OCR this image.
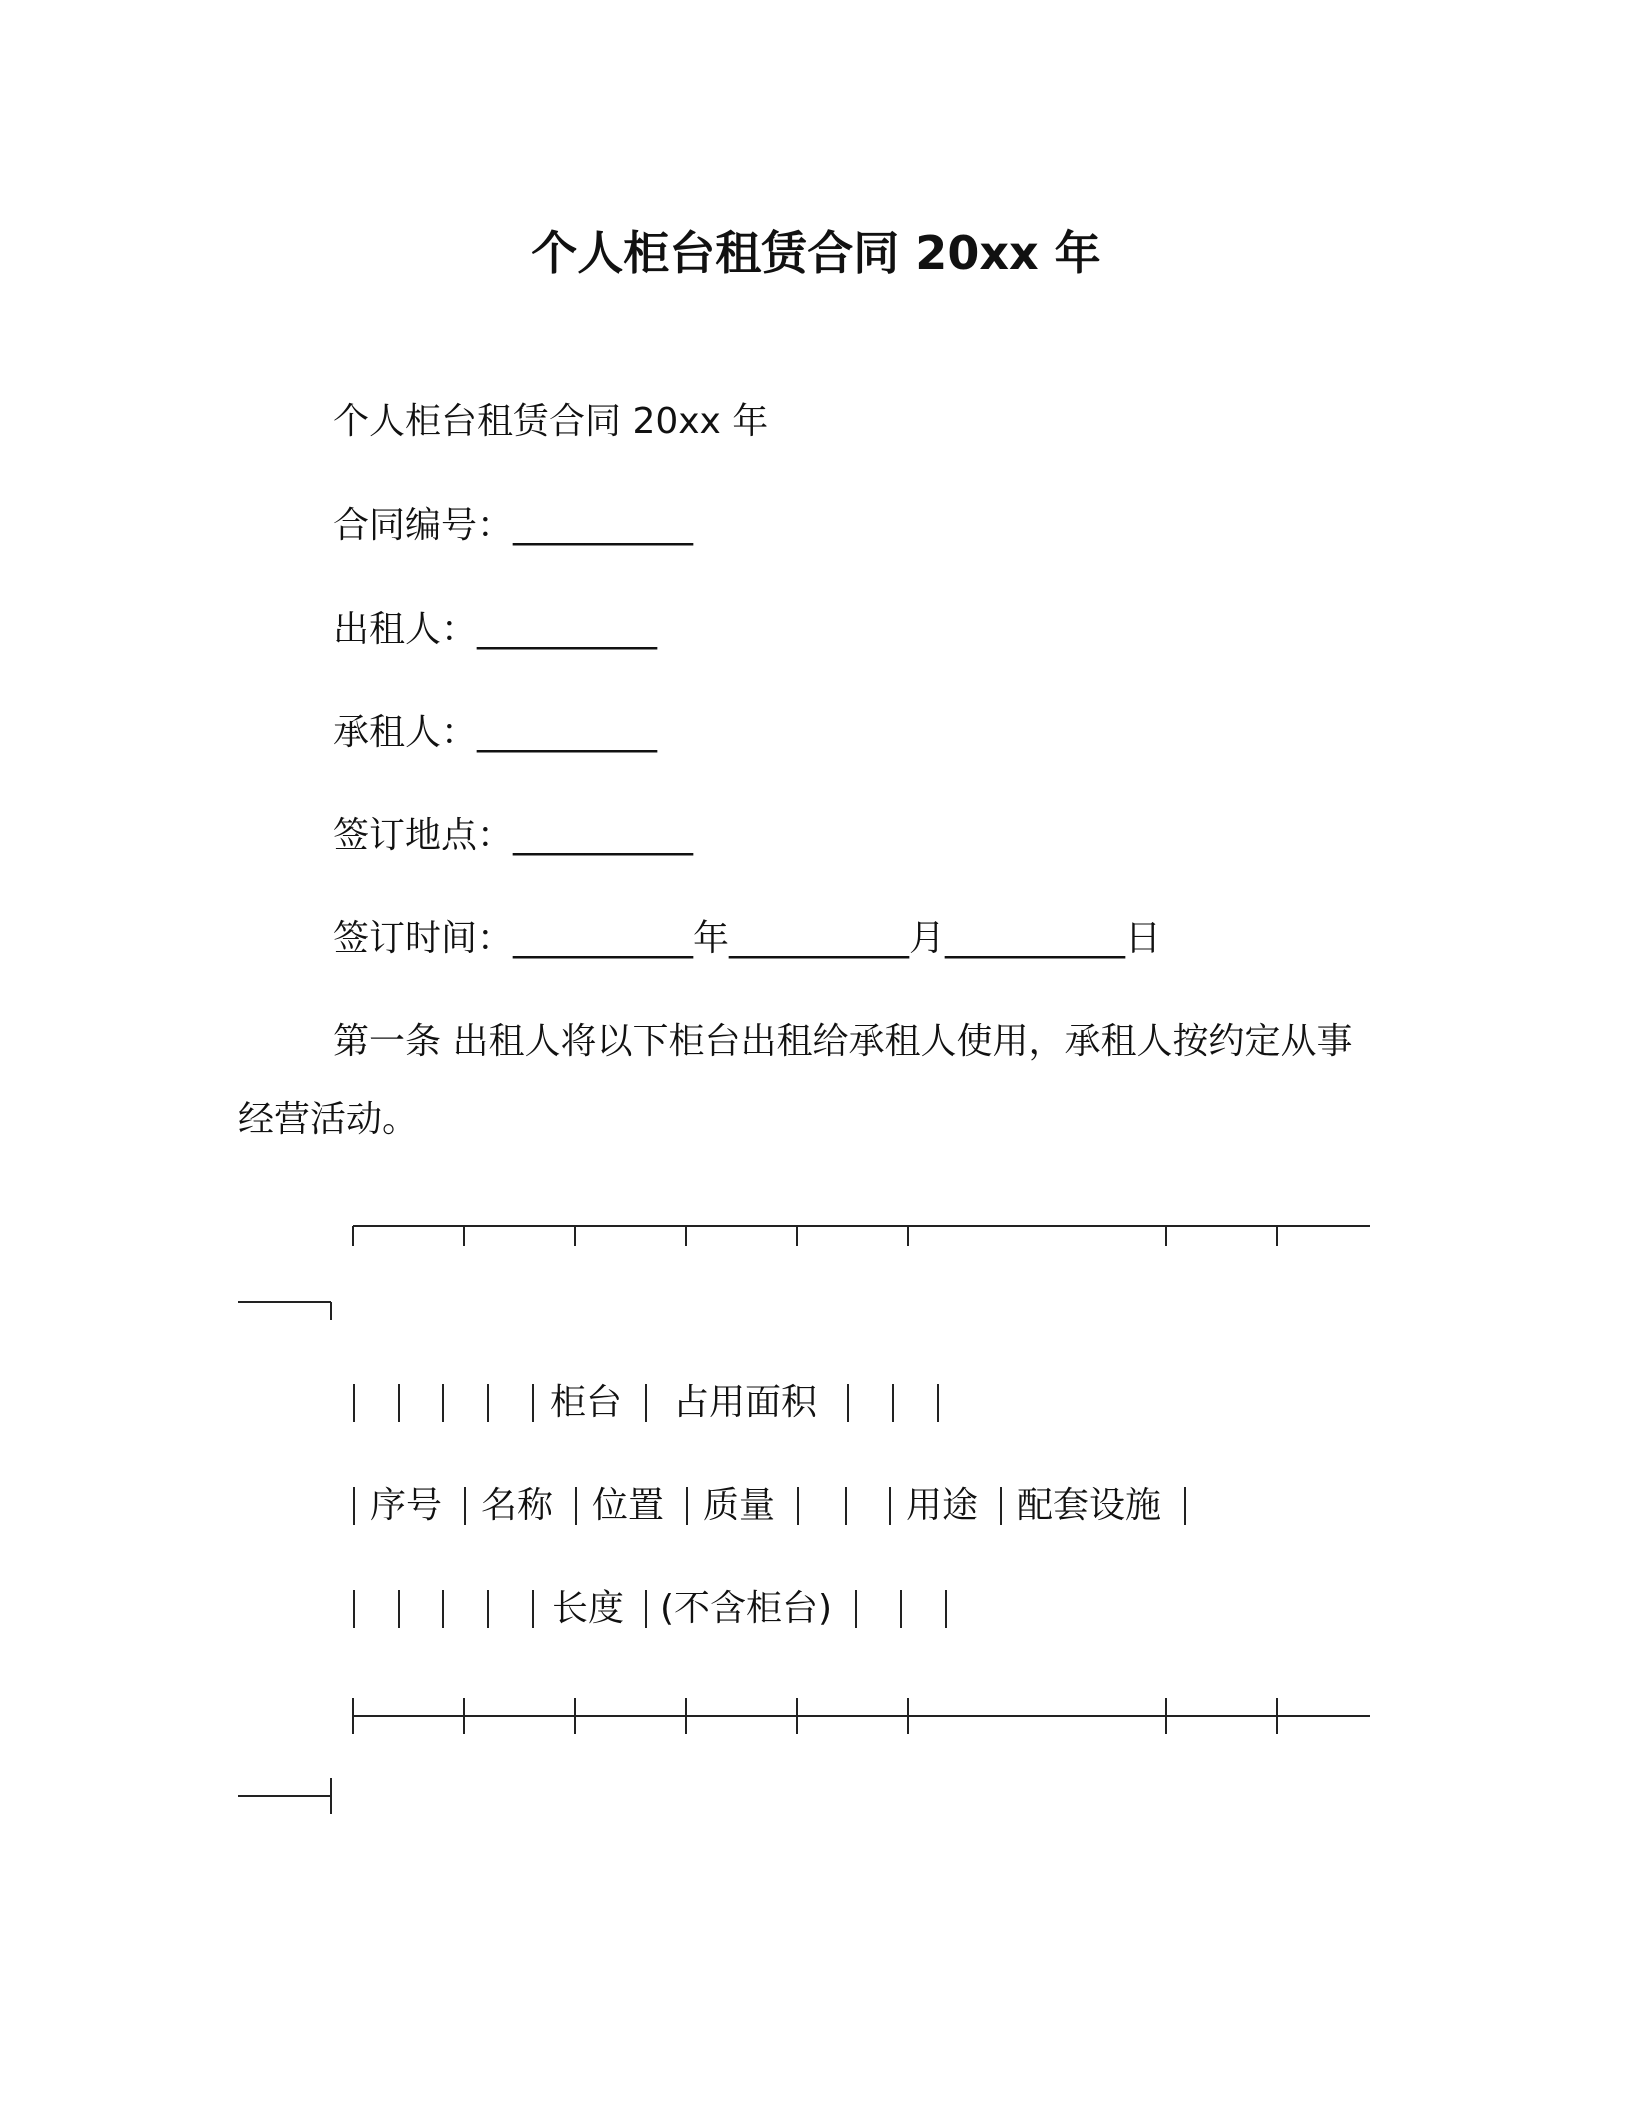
个人柜台租赁合同 20xx 年
个人柜台租赁合同 20xx 年
合同编号：__________
出租人：__________
承租人：__________
签订地点：__________
签订时间：__________年__________月__________日
第一条 出租人将以下柜台出租给承租人使用，承租人按约定从事
经营活动。
柜台 占用面积
序号 名称 位置 质量	用途 配套设施
长度 (不含柜台)
